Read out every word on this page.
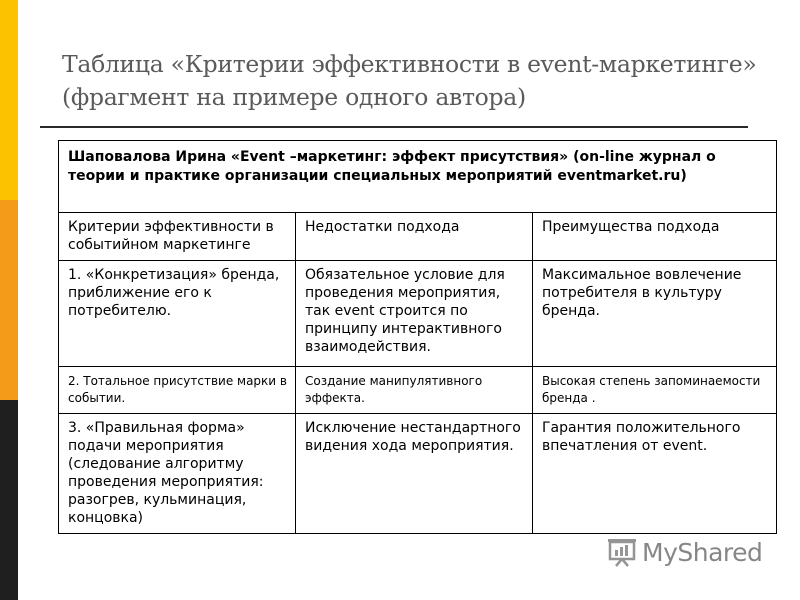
Таблица «Критерии эффективности в event-маркетинге» (фрагмент на примере одного автора)
Шаповалова Ирина «Event –маркетинг: эффект присутствия» (on-line журнал о теории и практике организации специальных мероприятий eventmarket.ru)		
Критерии эффективности в событийном маркетинге	Недостатки подхода	Преимущества подхода
1. «Конкретизация» бренда, приближение его к потребителю.	Обязательное условие для проведения мероприятия, так event строится по принципу интерактивного взаимодействия.	Максимальное вовлечение потребителя в культуру бренда.
2. Тотальное присутствие марки в событии.	Создание манипулятивного эффекта.	Высокая степень запоминаемости бренда .
3. «Правильная форма» подачи мероприятия (следование алгоритму проведения мероприятия: разогрев, кульминация, концовка)	Исключение нестандартного видения хода мероприятия.	Гарантия положительного впечатления от event.
MyShared
